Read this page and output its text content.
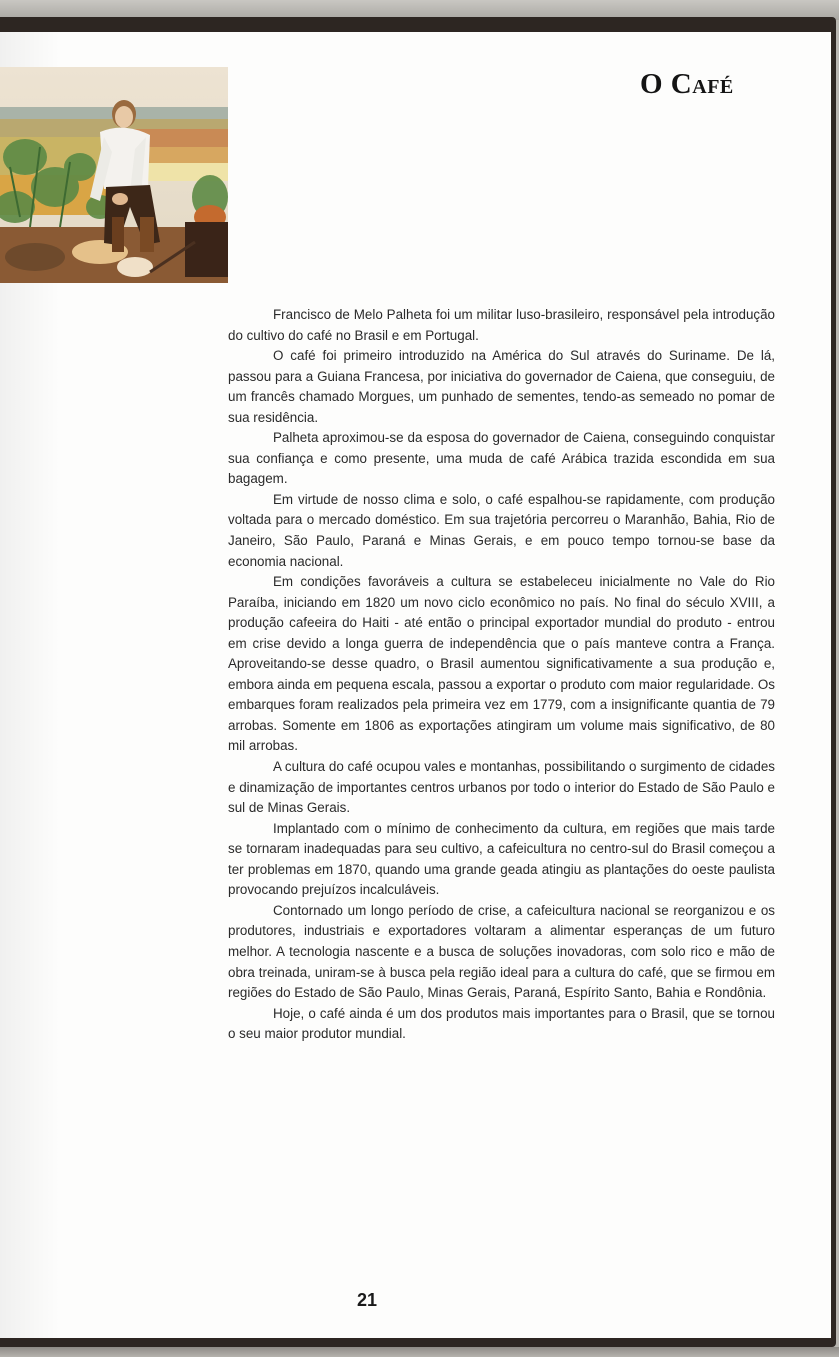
O Café

Francisco de Melo Palheta foi um militar luso-brasileiro, responsável pela introdução do cultivo do café no Brasil e em Portugal.

O café foi primeiro introduzido na América do Sul através do Suriname. De lá, passou para a Guiana Francesa, por iniciativa do governador de Caiena, que conseguiu, de um francês chamado Morgues, um punhado de sementes, tendo-as semeado no pomar de sua residência.

Palheta aproximou-se da esposa do governador de Caiena, conseguindo conquistar sua confiança e como presente, uma muda de café Arábica trazida escondida em sua bagagem.

Em virtude de nosso clima e solo, o café espalhou-se rapidamente, com produção voltada para o mercado doméstico. Em sua trajetória percorreu o Maranhão, Bahia, Rio de Janeiro, São Paulo, Paraná e Minas Gerais, e em pouco tempo tornou-se base da economia nacional.

Em condições favoráveis a cultura se estabeleceu inicialmente no Vale do Rio Paraíba, iniciando em 1820 um novo ciclo econômico no país. No final do século XVIII, a produção cafeeira do Haiti - até então o principal exportador mundial do produto - entrou em crise devido a longa guerra de independência que o país manteve contra a França. Aproveitando-se desse quadro, o Brasil aumentou significativamente a sua produção e, embora ainda em pequena escala, passou a exportar o produto com maior regularidade. Os embarques foram realizados pela primeira vez em 1779, com a insignificante quantia de 79 arrobas. Somente em 1806 as exportações atingiram um volume mais significativo, de 80 mil arrobas.

A cultura do café ocupou vales e montanhas, possibilitando o surgimento de cidades e dinamização de importantes centros urbanos por todo o interior do Estado de São Paulo e sul de Minas Gerais.

Implantado com o mínimo de conhecimento da cultura, em regiões que mais tarde se tornaram inadequadas para seu cultivo, a cafeicultura no centro-sul do Brasil começou a ter problemas em 1870, quando uma grande geada atingiu as plantações do oeste paulista provocando prejuízos incalculáveis.

Contornado um longo período de crise, a cafeicultura nacional se reorganizou e os produtores, industriais e exportadores voltaram a alimentar esperanças de um futuro melhor. A tecnologia nascente e a busca de soluções inovadoras, com solo rico e mão de obra treinada, uniram-se à busca pela região ideal para a cultura do café, que se firmou em regiões do Estado de São Paulo, Minas Gerais, Paraná, Espírito Santo, Bahia e Rondônia.

Hoje, o café ainda é um dos produtos mais importantes para o Brasil, que se tornou o seu maior produtor mundial.

21
